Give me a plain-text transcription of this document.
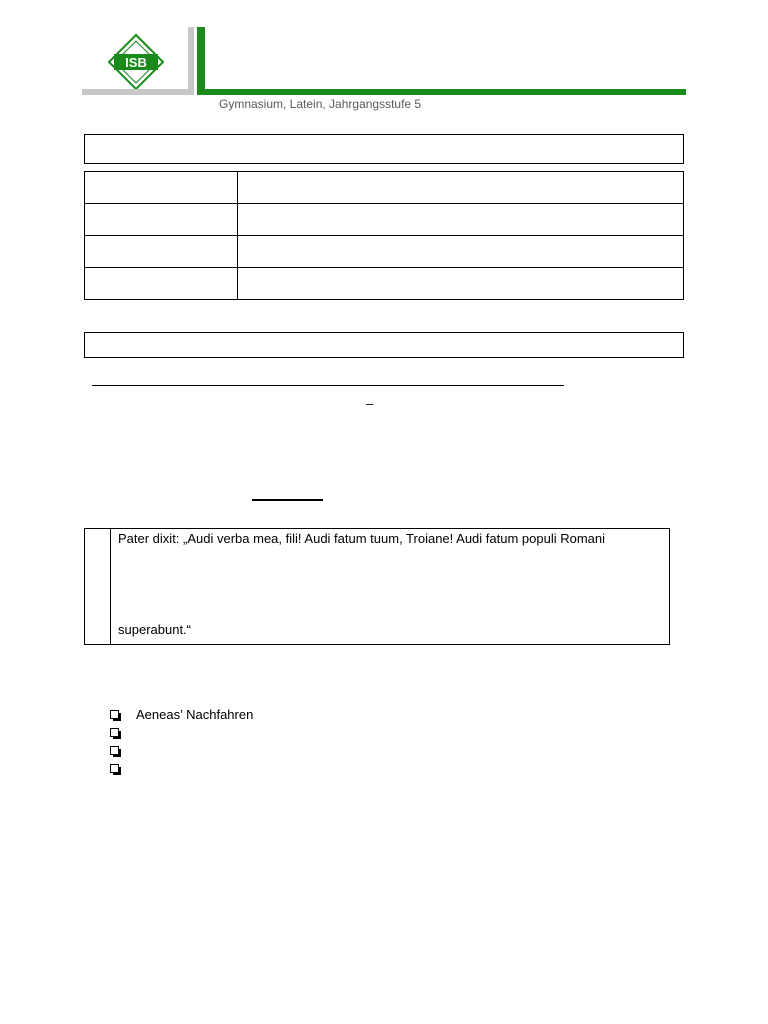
ISB
Gymnasium, Latein, Jahrgangsstufe 5

–
Pater dixit: „Audi verba mea, fili! Audi fatum tuum, Troiane! Audi fatum populi Romani
superabunt.“
Aeneas’ Nachfahren
